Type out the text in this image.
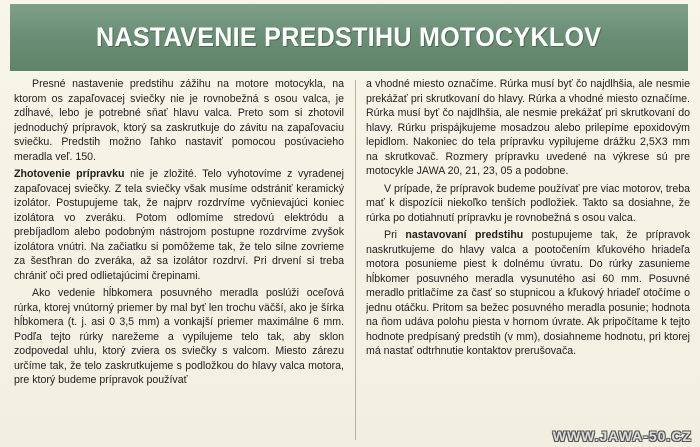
NASTAVENIE PREDSTIHU MOTOCYKLOV

Presné nastavenie predstihu zážihu na motore motocykla, na ktorom os zapaľovacej sviečky nie je rovnobežná s osou valca, je zdĺhavé, lebo je potrebné sňať hlavu valca. Preto som si zhotovil jednoduchý prípravok, ktorý sa zaskrutkuje do závitu na zapaľovaciu sviečku. Predstih možno ľahko nastaviť pomocou posúvacieho meradla veľ. 150.

Zhotovenie prípravku nie je zložité. Telo vyhotovíme z vyradenej zapaľovacej sviečky. Z tela sviečky však musíme odstrániť keramický izolátor. Postupujeme tak, že najprv rozdrvíme vyčnievajúci koniec izolátora vo zveráku. Potom odlomíme stredovú elektródu a prebíjadlom alebo podobným nástrojom postupne rozdrvíme zvyšok izolátora vnútri. Na začiatku si pomôžeme tak, že telo silne zovrieme za šesťhran do zveráka, až sa izolátor rozdrví. Pri drvení si treba chrániť oči pred odlietajúcimi črepinami.

Ako vedenie hĺbkomera posuvného meradla poslúži oceľová rúrka, ktorej vnútorný priemer by mal byť len trochu väčší, ako je šírka hĺbkomera (t. j. asi 0 3,5 mm) a vonkajší priemer maximálne 6 mm. Podľa tejto rúrky narežeme a vypilujeme telo tak, aby sklon zodpovedal uhlu, ktorý zviera os sviečky s valcom. Miesto zárezu určíme tak, že telo zaskrutkujeme s podložkou do hlavy valca motora, pre ktorý budeme prípravok používať

a vhodné miesto označíme. Rúrka musí byť čo najdlhšia, ale nesmie prekážať pri skrutkovaní do hlavy. Rúrka a vhodné miesto označíme. Rúrka musí byť čo najdlhšia, ale nesmie prekážať pri skrutkovaní do hlavy. Rúrku prispájkujeme mosadzou alebo prilepíme epoxidovým lepidlom. Nakoniec do tela prípravku vypilujeme drážku 2,5X3 mm na skrutkovač. Rozmery prípravku uvedené na výkrese sú pre motocykle JAWA 20, 21, 23, 05 a podobne.

V prípade, že prípravok budeme používať pre viac motorov, treba mať k dispozícii niekoľko tenších podložiek. Takto sa dosiahne, že rúrka po dotiahnutí prípravku je rovnobežná s osou valca.

Pri nastavovaní predstihu postupujeme tak, že prípravok naskrutkujeme do hlavy valca a pootočením kľukového hriadeľa motora posunieme piest k dolnému úvratu. Do rúrky zasunieme hĺbkomer posuvného meradla vysunutého asi 60 mm. Posuvné meradlo pritlačíme za časť so stupnicou a kľukový hriadeľ otočíme o jednu otáčku. Pritom sa bežec posuvného meradla posunie; hodnota na ňom udáva polohu piesta v hornom úvrate. Ak pripočítame k tejto hodnote predpísaný predstih (v mm), dosiahneme hodnotu, pri ktorej má nastať odtrhnutie kontaktov prerušovača.

WWW.JAWA-50.CZ
